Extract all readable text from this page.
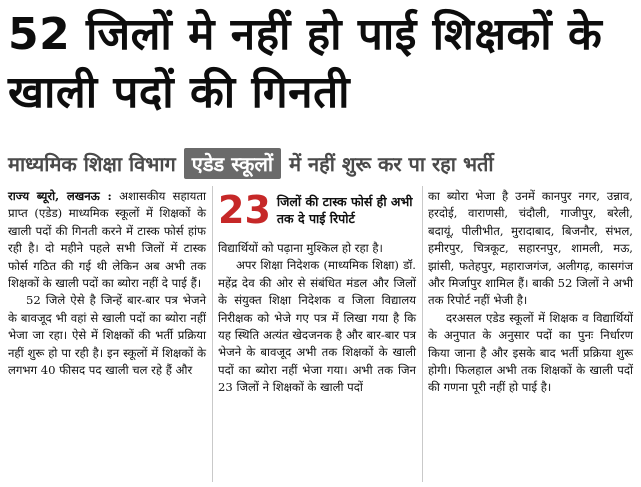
52 जिलों मे नहीं हो पाई शिक्षकों के खाली पदों की गिनती
माध्यमिक शिक्षा विभाग एडेड स्कूलों में नहीं शुरू कर पा रहा भर्ती

राज्य ब्यूरो, लखनऊ : अशासकीय सहायता प्राप्त (एडेड) माध्यमिक स्कूलों में शिक्षकों के खाली पदों की गिनती करने में टास्क फोर्स हांफ रही है। दो महीने पहले सभी जिलों में टास्क फोर्स गठित की गई थी लेकिन अब अभी तक शिक्षकों के खाली पदों का ब्योरा नहीं दे पाई हैं।

52 जिले ऐसे है जिन्हें बार-बार पत्र भेजने के बावजूद भी वहां से खाली पदों का ब्योरा नहीं भेजा जा रहा। ऐसे में शिक्षकों की भर्ती प्रक्रिया नहीं शुरू हो पा रही है। इन स्कूलों में शिक्षकों के लगभग 40 फीसद पद खाली चल रहे हैं और

23 जिलों की टास्क फोर्स ही अभी तक दे पाई रिपोर्ट

विद्यार्थियों को पढ़ाना मुश्किल हो रहा है।

अपर शिक्षा निदेशक (माध्यमिक शिक्षा) डॉ. महेंद्र देव की ओर से संबंधित मंडल और जिलों के संयुक्त शिक्षा निदेशक व जिला विद्यालय निरीक्षक को भेजे गए पत्र में लिखा गया है कि यह स्थिति अत्यंत खेदजनक है और बार-बार पत्र भेजने के बावजूद अभी तक शिक्षकों के खाली पदों का ब्योरा नहीं भेजा गया। अभी तक जिन 23 जिलों ने शिक्षकों के खाली पदों

का ब्योरा भेजा है उनमें कानपुर नगर, उन्नाव, हरदोई, वाराणसी, चंदौली, गाजीपुर, बरेली, बदायूं, पीलीभीत, मुरादाबाद, बिजनौर, संभल, हमीरपुर, चित्रकूट, सहारनपुर, शामली, मऊ, झांसी, फतेहपुर, महाराजगंज, अलीगढ़, कासगंज और मिर्जापुर शामिल हैं। बाकी 52 जिलों ने अभी तक रिपोर्ट नहीं भेजी है।

दरअसल एडेड स्कूलों में शिक्षक व विद्यार्थियों के अनुपात के अनुसार पदों का पुनः निर्धारण किया जाना है और इसके बाद भर्ती प्रक्रिया शुरू होगी। फिलहाल अभी तक शिक्षकों के खाली पदों की गणना पूरी नहीं हो पाई है।
